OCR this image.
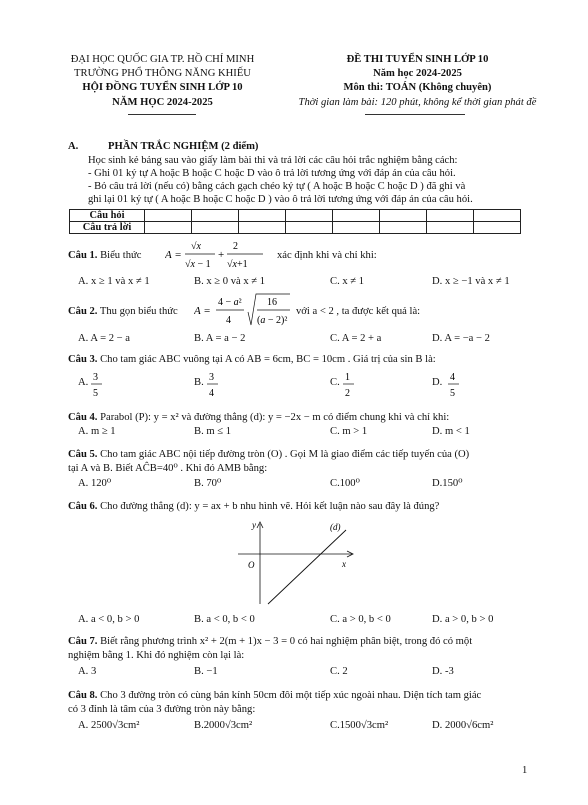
ĐẠI HỌC QUỐC GIA TP. HỒ CHÍ MINH
TRƯỜNG PHỔ THÔNG NĂNG KHIẾU
HỘI ĐỒNG TUYỂN SINH LỚP 10
NĂM HỌC 2024-2025
ĐỀ THI TUYỂN SINH LỚP 10
Năm học 2024-2025
Môn thi: TOÁN (Không chuyên)
Thời gian làm bài: 120 phút, không kể thời gian phát đề
A.	PHẦN TRẮC NGHIỆM (2 điểm)
Học sinh kẻ bảng sau vào giấy làm bài thi và trả lời các câu hỏi trắc nghiệm bằng cách:
- Ghi 01 ký tự A hoặc B hoặc C hoặc D vào ô trả lời tương ứng với đáp án của câu hỏi.
- Bỏ câu trả lời (nếu có) bằng cách gạch chéo ký tự ( A hoặc B hoặc C hoặc D ) đã ghi và
ghi lại 01 ký tự ( A hoặc B hoặc C hoặc D ) vào ô trả lời tương ứng với đáp án của câu hỏi.
Câu hỏi								
Câu trả lời								
Câu 1. Biểu thức A =
√x
√x − 1
+
2
√x+1
xác định khi và chỉ khi:
A. x ≥ 1 và x ≠ 1	B. x ≥ 0 và x ≠ 1	C. x ≠ 1	D. x ≥ −1 và x ≠ 1
Câu 2. Thu gọn biểu thức A =
4 − a²
4
16
(a − 2)²
với a < 2 , ta được kết quả là:
A. A = 2 − a	B. A = a − 2	C. A = 2 + a	D. A = −a − 2
Câu 3. Cho tam giác ABC vuông tại A có AB = 6cm, BC = 10cm . Giá trị của sin B là:
A. 3
5
B. 3
4
C. 1
2
D. 4
5
Câu 4. Parabol (P): y = x² và đường thẳng (d): y = −2x − m có điểm chung khi và chỉ khi:
A. m ≥ 1	B. m ≤ 1	C. m > 1	D. m < 1
Câu 5. Cho tam giác ABC nội tiếp đường tròn (O) . Gọi M là giao điểm các tiếp tuyến của (O)
tại A và B. Biết AĈB=40⁰ . Khi đó AMB bằng:
A. 120⁰	B. 70⁰	C.100⁰	D.150⁰
Câu 6. Cho đường thẳng (d): y = ax + b nhu hình vẽ. Hỏi kết luận nào sau đây là đúng?
y
x
O
(d)
A. a < 0, b > 0	B. a < 0, b < 0	C. a > 0, b < 0	D. a > 0, b > 0
Câu 7. Biết rằng phương trình x² + 2(m + 1)x − 3 = 0 có hai nghiệm phân biệt, trong đó có một
nghiệm bằng 1. Khi đó nghiệm còn lại là:
A. 3	B. −1	C. 2	D. -3
Câu 8. Cho 3 đường tròn có cùng bán kính 50cm đôi một tiếp xúc ngoài nhau. Diện tích tam giác
có 3 đỉnh là tâm của 3 đường tròn này bằng:
A. 2500√3cm²	B.2000√3cm²	C.1500√3cm²	D. 2000√6cm²
1
